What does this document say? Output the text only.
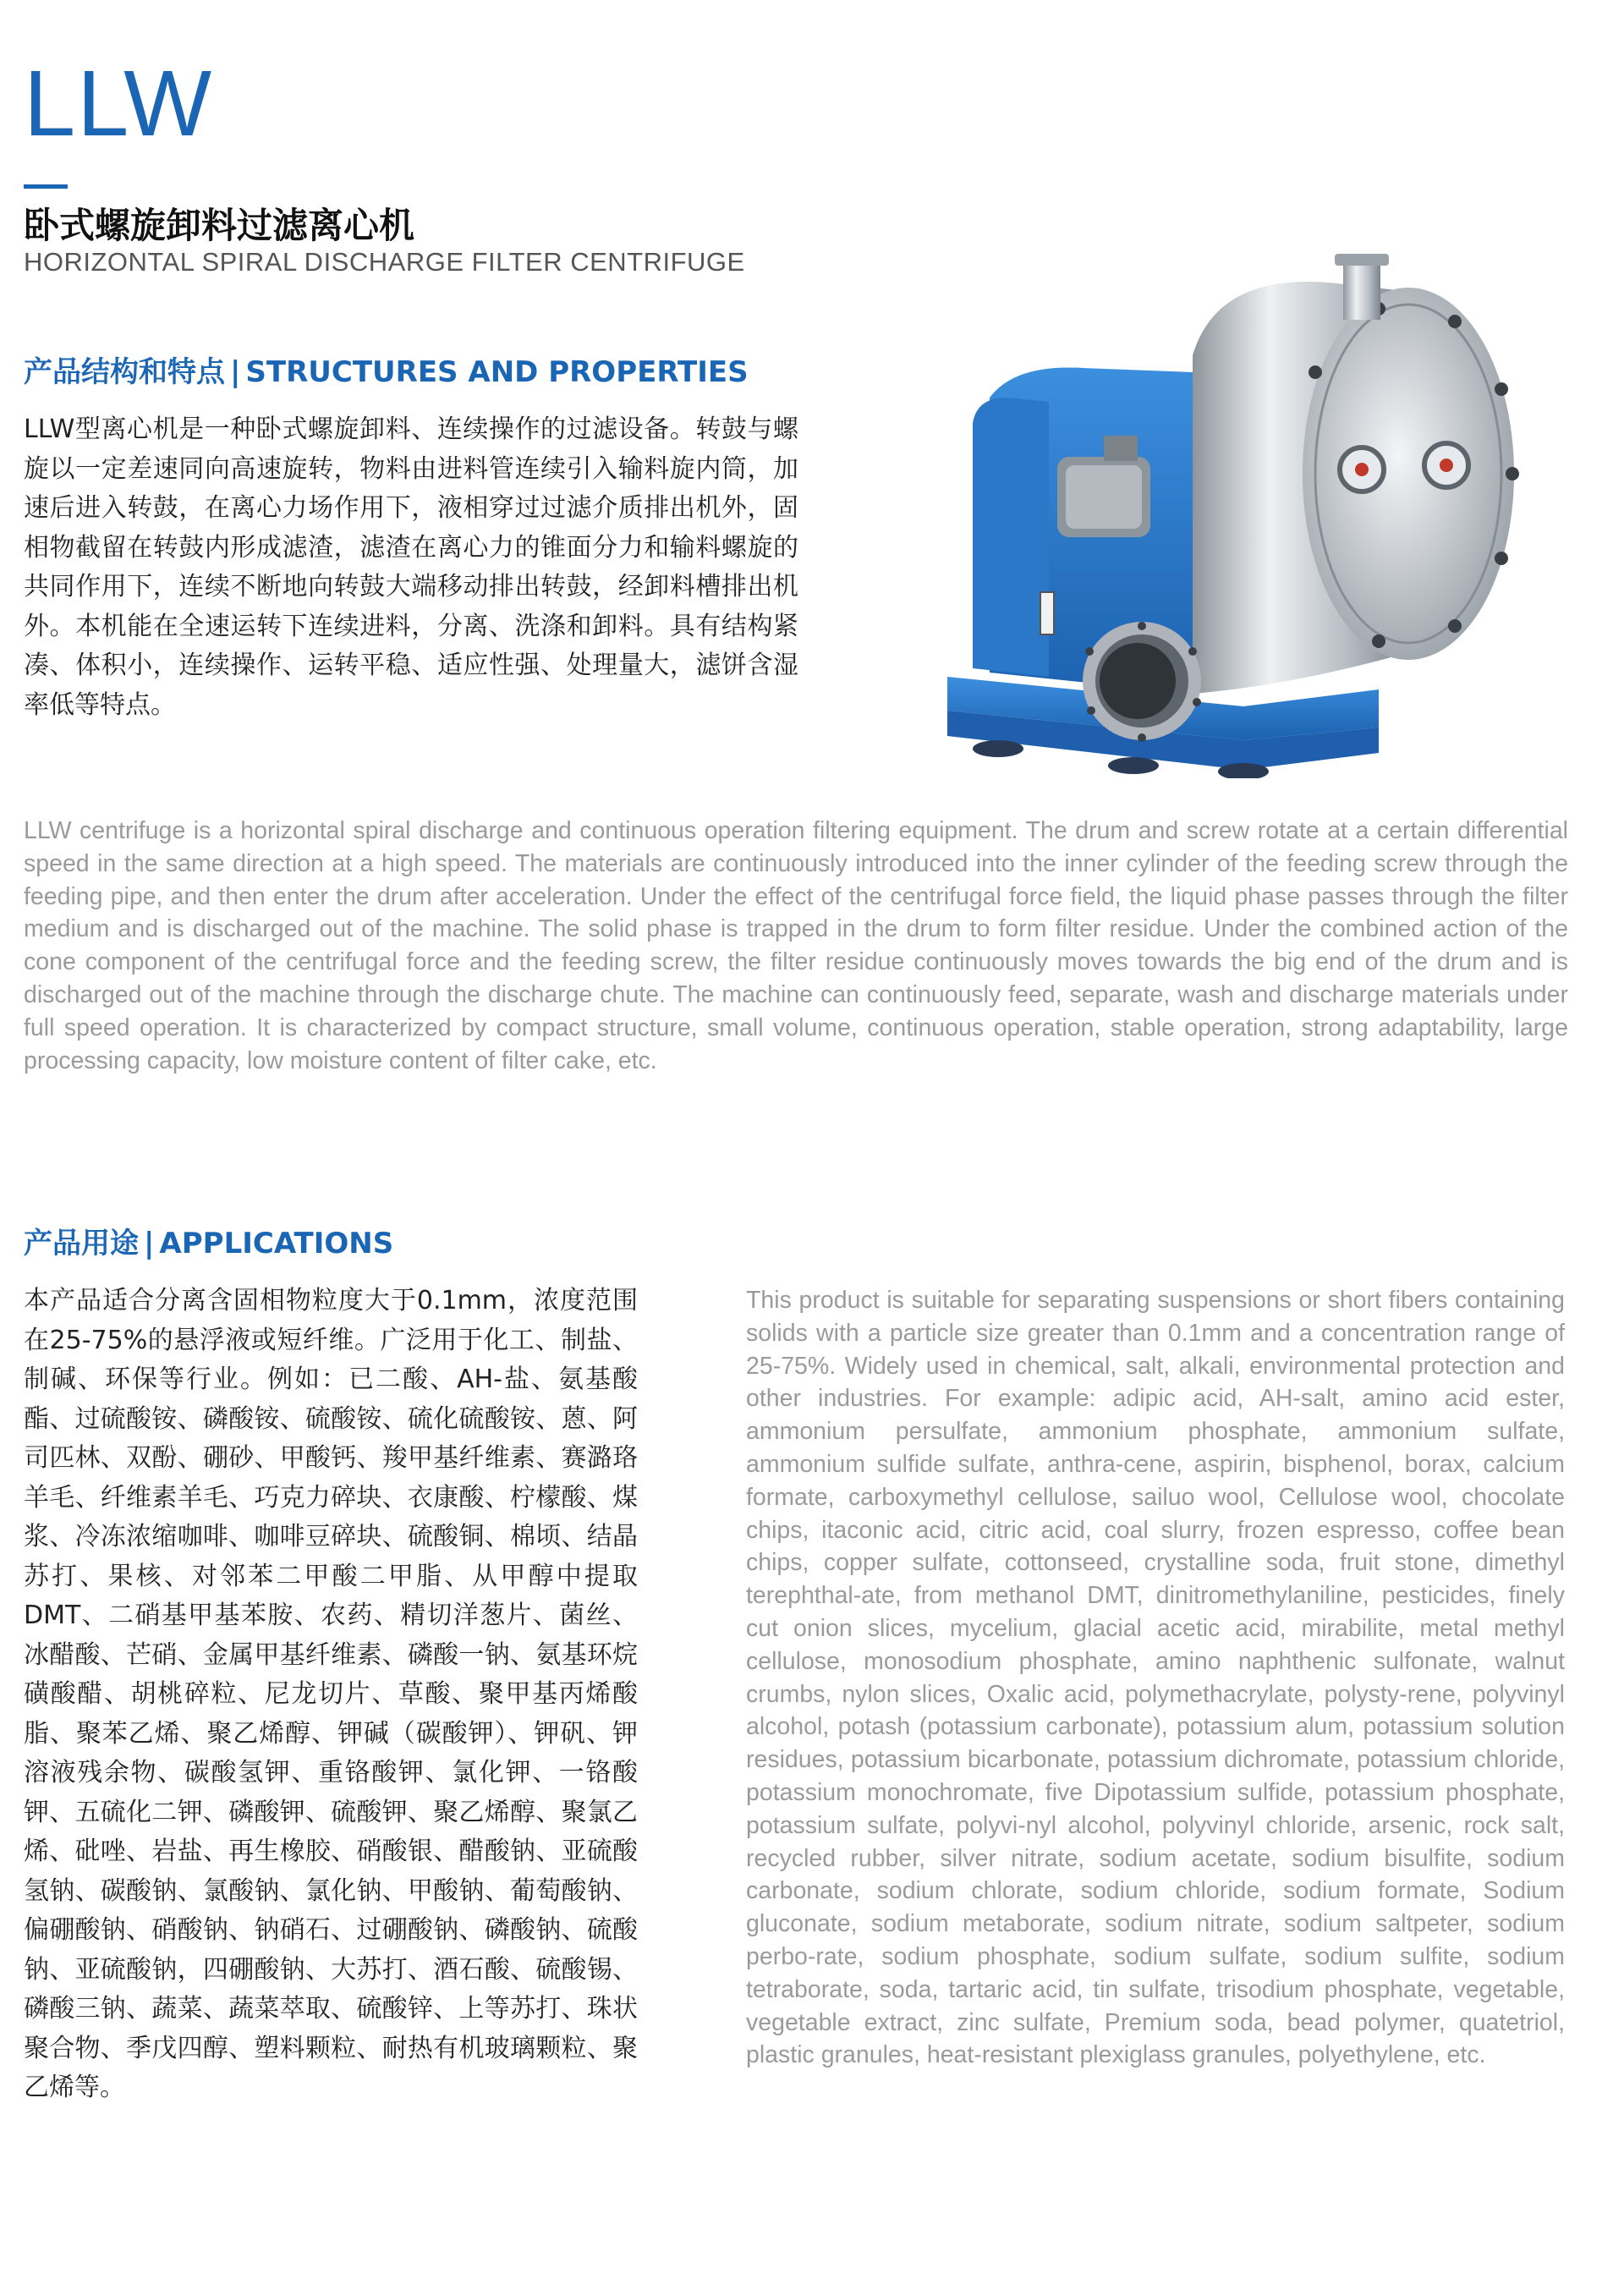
LLW
卧式螺旋卸料过滤离心机
HORIZONTAL SPIRAL DISCHARGE FILTER CENTRIFUGE
产品结构和特点 | STRUCTURES AND PROPERTIES
LLW型离心机是一种卧式螺旋卸料、连续操作的过滤设备。转鼓与螺旋以一定差速同向高速旋转，物料由进料管连续引入输料旋内筒，加速后进入转鼓，在离心力场作用下，液相穿过过滤介质排出机外，固相物截留在转鼓内形成滤渣，滤渣在离心力的锥面分力和输料螺旋的共同作用下，连续不断地向转鼓大端移动排出转鼓，经卸料槽排出机外。本机能在全速运转下连续进料，分离、洗涤和卸料。具有结构紧凑、体积小，连续操作、运转平稳、适应性强、处理量大，滤饼含湿率低等特点。
LLW centrifuge is a horizontal spiral discharge and continuous operation filtering equipment. The drum and screw rotate at a certain differential speed in the same direction at a high speed. The materials are continuously introduced into the inner cylinder of the feeding screw through the feeding pipe, and then enter the drum after acceleration. Under the effect of the centrifugal force field, the liquid phase passes through the filter medium and is discharged out of the machine. The solid phase is trapped in the drum to form filter residue. Under the combined action of the cone component of the centrifugal force and the feeding screw, the filter residue continuously moves towards the big end of the drum and is discharged out of the machine through the discharge chute. The machine can continuously feed, separate, wash and discharge materials under full speed operation. It is characterized by compact structure, small volume, continuous operation, stable operation, strong adaptability, large processing capacity, low moisture content of filter cake, etc.
产品用途 | APPLICATIONS
本产品适合分离含固相物粒度大于0.1mm，浓度范围在25-75%的悬浮液或短纤维。广泛用于化工、制盐、制碱、环保等行业。例如：已二酸、AH-盐、氨基酸酯、过硫酸铵、磷酸铵、硫酸铵、硫化硫酸铵、蒽、阿司匹林、双酚、硼砂、甲酸钙、羧甲基纤维素、赛潞珞羊毛、纤维素羊毛、巧克力碎块、衣康酸、柠檬酸、煤浆、冷冻浓缩咖啡、咖啡豆碎块、硫酸铜、棉顷、结晶苏打、果核、对邻苯二甲酸二甲脂、从甲醇中提取DMT、二硝基甲基苯胺、农药、精切洋葱片、菌丝、冰醋酸、芒硝、金属甲基纤维素、磷酸一钠、氨基环烷磺酸醋、胡桃碎粒、尼龙切片、草酸、聚甲基丙烯酸脂、聚苯乙烯、聚乙烯醇、钾碱（碳酸钾）、钾矾、钾溶液残余物、碳酸氢钾、重铬酸钾、氯化钾、一铬酸钾、五硫化二钾、磷酸钾、硫酸钾、聚乙烯醇、聚氯乙烯、砒唑、岩盐、再生橡胶、硝酸银、醋酸钠、亚硫酸氢钠、碳酸钠、氯酸钠、氯化钠、甲酸钠、葡萄酸钠、偏硼酸钠、硝酸钠、钠硝石、过硼酸钠、磷酸钠、硫酸钠、亚硫酸钠，四硼酸钠、大苏打、酒石酸、硫酸锡、磷酸三钠、蔬菜、蔬菜萃取、硫酸锌、上等苏打、珠状聚合物、季戊四醇、塑料颗粒、耐热有机玻璃颗粒、聚乙烯等。
This product is suitable for separating suspensions or short fibers containing solids with a particle size greater than 0.1mm and a concentration range of 25-75%. Widely used in chemical, salt, alkali, environmental protection and other industries. For example: adipic acid, AH-salt, amino acid ester, ammonium persulfate, ammonium phosphate, ammonium sulfate, ammonium sulfide sulfate, anthra-cene, aspirin, bisphenol, borax, calcium formate, carboxymethyl cellulose, sailuo wool, Cellulose wool, chocolate chips, itaconic acid, citric acid, coal slurry, frozen espresso, coffee bean chips, copper sulfate, cottonseed, crystalline soda, fruit stone, dimethyl terephthal-ate, from methanol DMT, dinitromethylaniline, pesticides, finely cut onion slices, mycelium, glacial acetic acid, mirabilite, metal methyl cellulose, monosodium phosphate, amino naphthenic sulfonate, walnut crumbs, nylon slices, Oxalic acid, polymethacrylate, polysty-rene, polyvinyl alcohol, potash (potassium carbonate), potassium alum, potassium solution residues, potassium bicarbonate, potassium dichromate, potassium chloride, potassium monochromate, five Dipotassium sulfide, potassium phosphate, potassium sulfate, polyvi-nyl alcohol, polyvinyl chloride, arsenic, rock salt, recycled rubber, silver nitrate, sodium acetate, sodium bisulfite, sodium carbonate, sodium chlorate, sodium chloride, sodium formate, Sodium gluconate, sodium metaborate, sodium nitrate, sodium saltpeter, sodium perbo-rate, sodium phosphate, sodium sulfate, sodium sulfite, sodium tetraborate, soda, tartaric acid, tin sulfate, trisodium phosphate, vegetable, vegetable extract, zinc sulfate, Premium soda, bead polymer, quatetriol, plastic granules, heat-resistant plexiglass granules, polyethylene, etc.
